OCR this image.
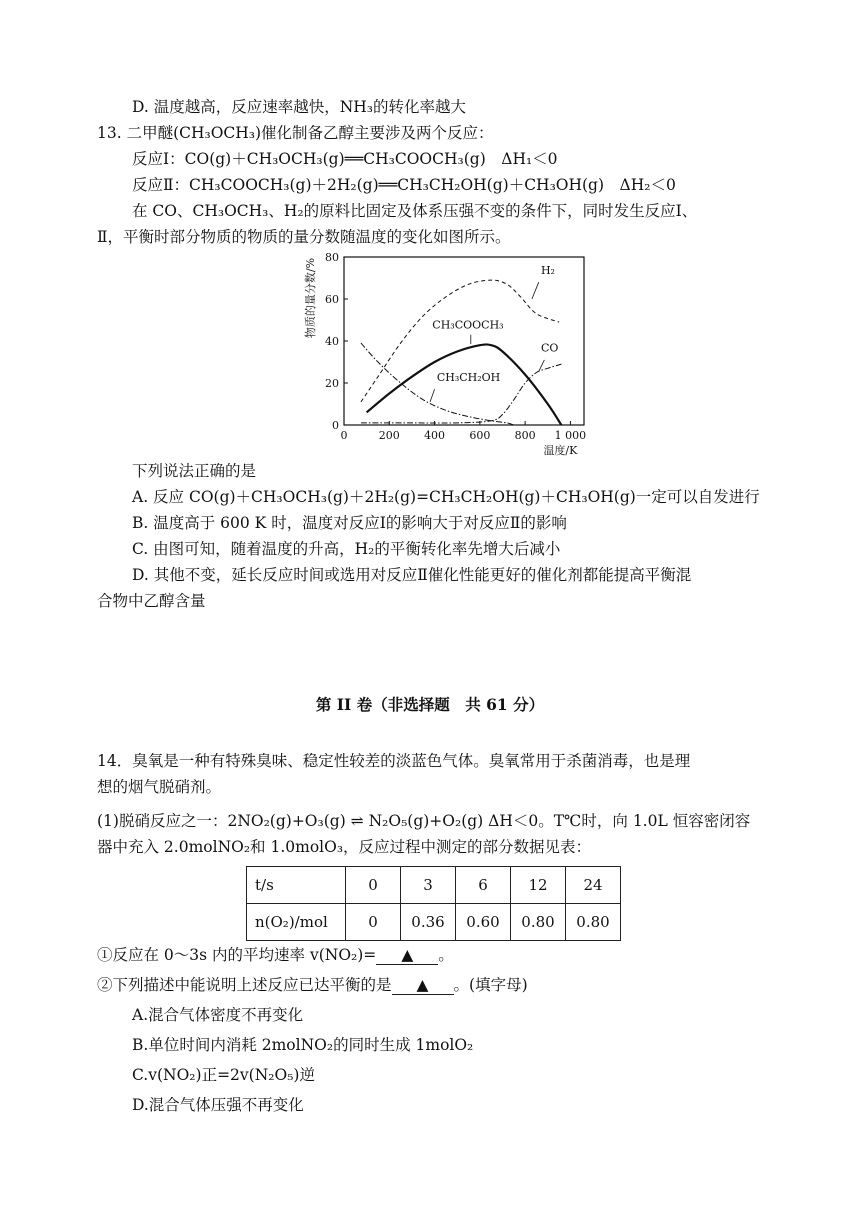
D. 温度越高，反应速率越快，NH₃的转化率越大
13. 二甲醚(CH₃OCH₃)催化制备乙醇主要涉及两个反应：
反应Ⅰ：CO(g)＋CH₃OCH₃(g)══CH₃COOCH₃(g)　ΔH₁＜0
反应Ⅱ：CH₃COOCH₃(g)＋2H₂(g)══CH₃CH₂OH(g)＋CH₃OH(g)　ΔH₂＜0
在 CO、CH₃OCH₃、H₂的原料比固定及体系压强不变的条件下，同时发生反应Ⅰ、
Ⅱ，平衡时部分物质的物质的量分数随温度的变化如图所示。
0	200 400 600 800 1 000
0
20
40
60
80
温度/K
物质的量分数/%	H₂
CH₃COOCH₃
CO
CH₃CH₂OH
下列说法正确的是
A. 反应 CO(g)＋CH₃OCH₃(g)＋2H₂(g)=CH₃CH₂OH(g)＋CH₃OH(g)一定可以自发进行
B. 温度高于 600 K 时，温度对反应Ⅰ的影响大于对反应Ⅱ的影响
C. 由图可知，随着温度的升高，H₂的平衡转化率先增大后减小
D. 其他不变，延长反应时间或选用对反应Ⅱ催化性能更好的催化剂都能提高平衡混
合物中乙醇含量
第 II 卷（非选择题　共 61 分）
14．臭氧是一种有特殊臭味、稳定性较差的淡蓝色气体。臭氧常用于杀菌消毒，也是理
想的烟气脱硝剂。
(1)脱硝反应之一：2NO₂(g)+O₃(g) ⇌ N₂O₅(g)+O₂(g) ΔH＜0。T℃时，向 1.0L 恒容密闭容
器中充入 2.0molNO₂和 1.0molO₃，反应过程中测定的部分数据见表：
t/s	0	3	6	12	24
n(O₂)/mol	0	0.36	0.60	0.80	0.80
①反应在 0～3s 内的平均速率 v(NO₂)= ▲ 。
②下列描述中能说明上述反应已达平衡的是 ▲ 。(填字母)
A.混合气体密度不再变化
B.单位时间内消耗 2molNO₂的同时生成 1molO₂
C.v(NO₂)正=2v(N₂O₅)逆
D.混合气体压强不再变化
